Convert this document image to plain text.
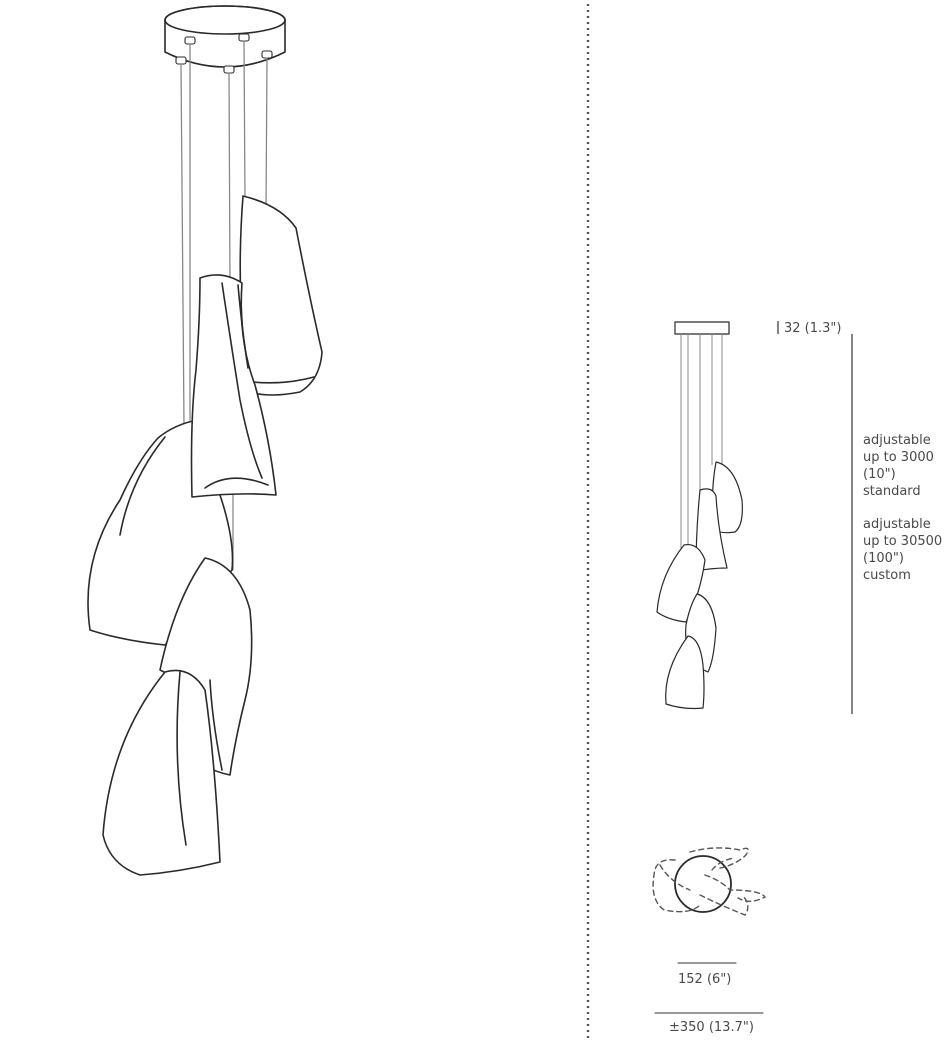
32 (1.3")
adjustable
up to 3000
(10")
standard
adjustable
up to 30500
(100")
custom
152 (6")
±350 (13.7")
